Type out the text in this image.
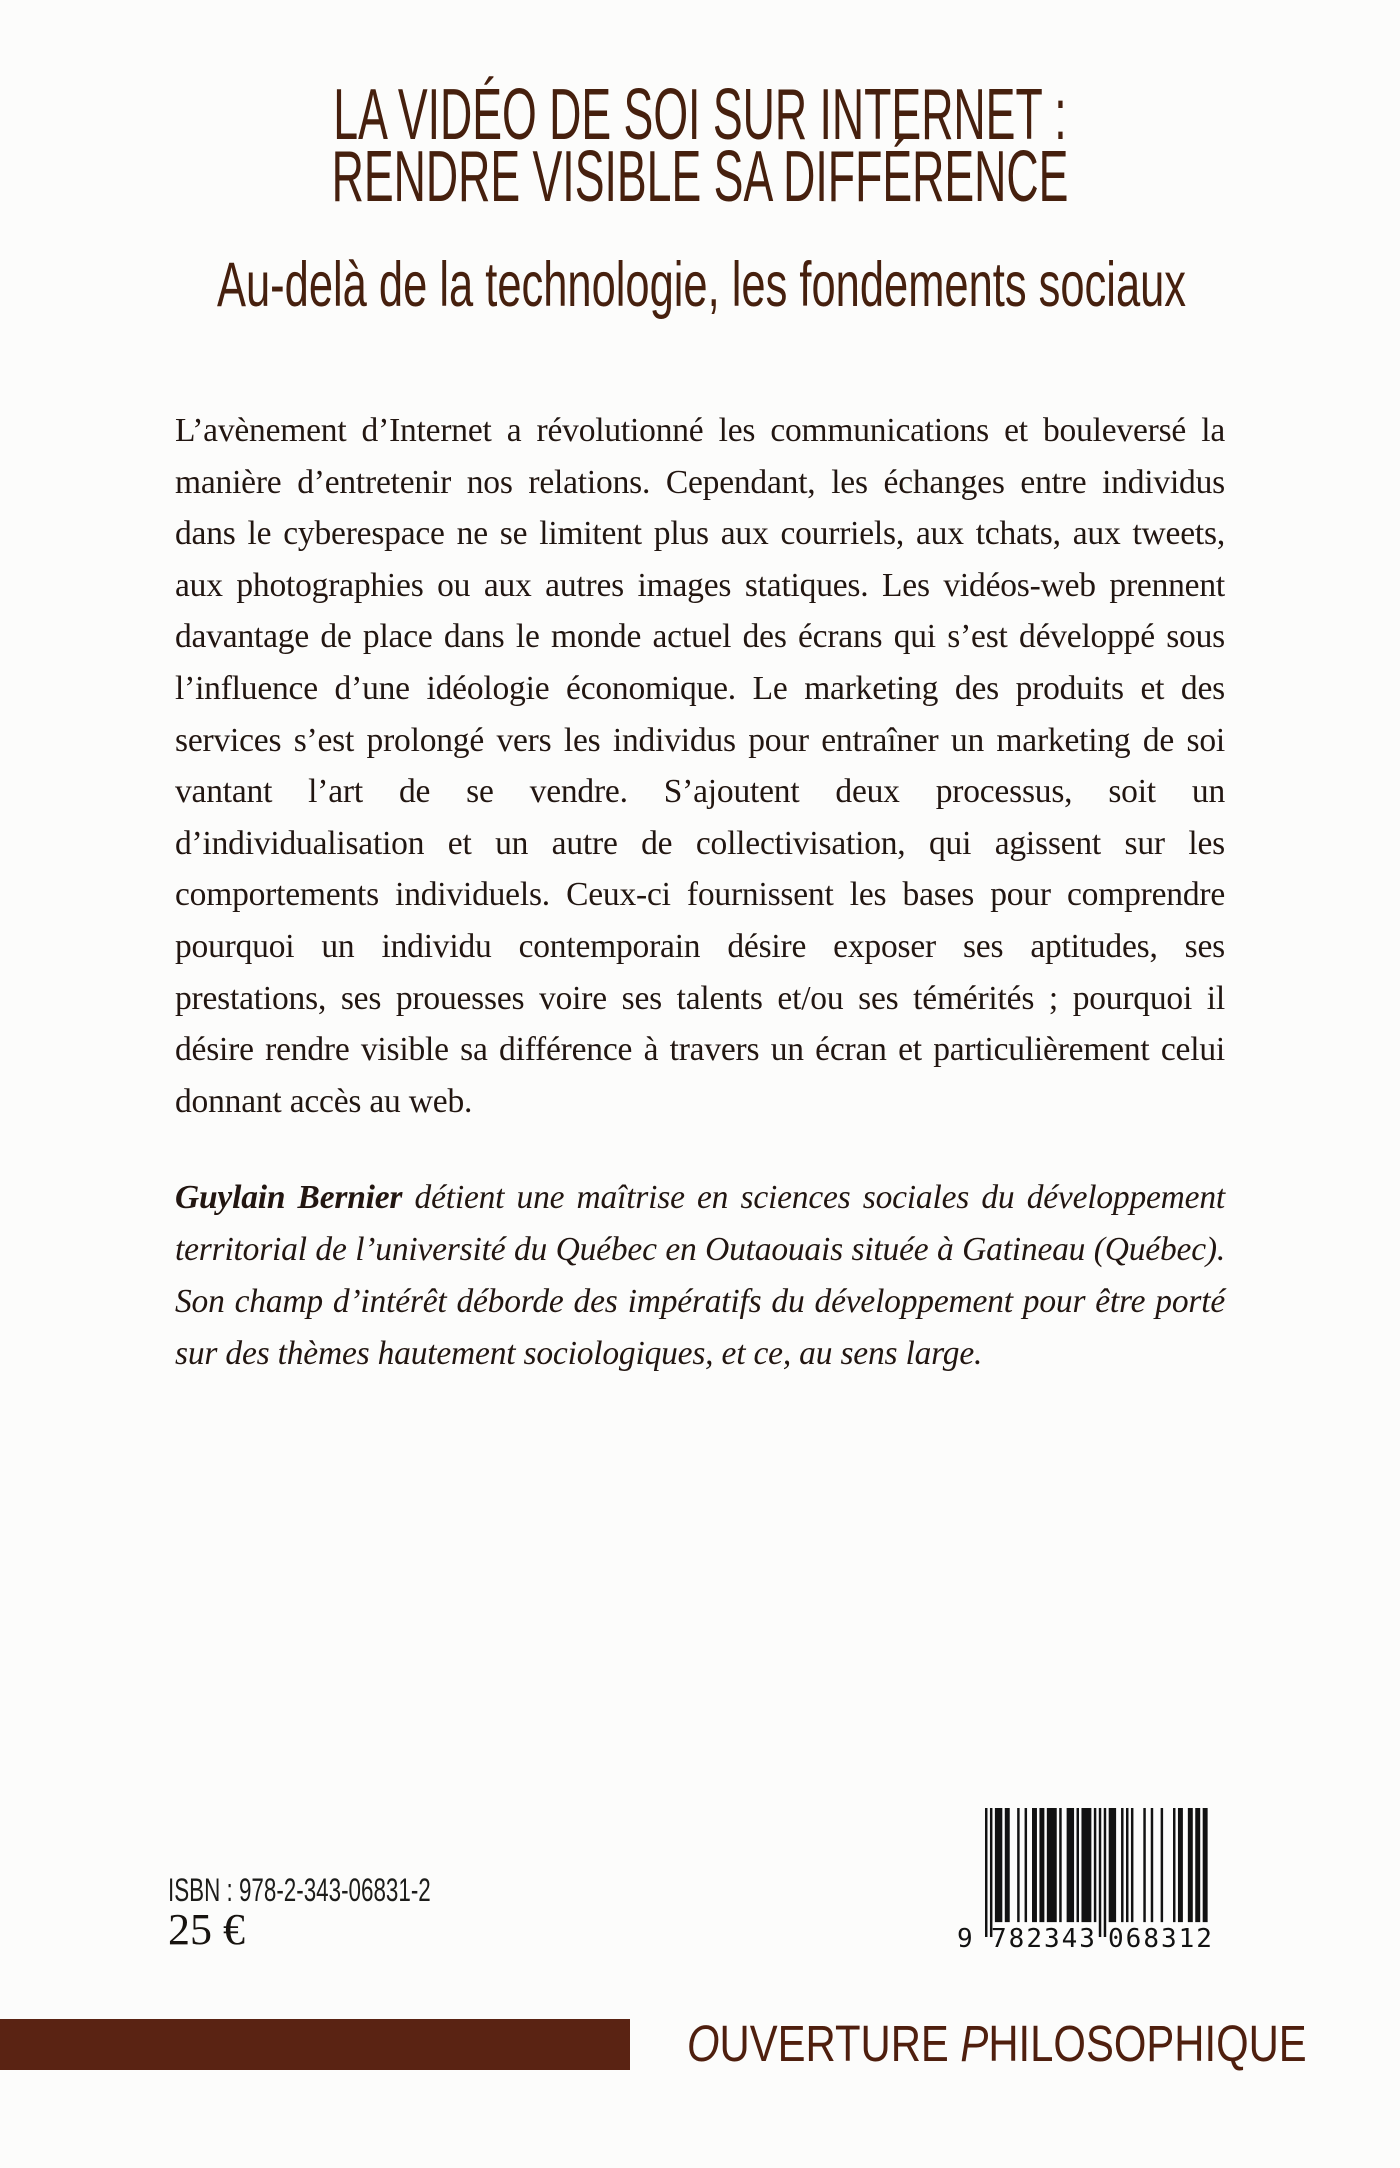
LA VIDÉO DE SOI SUR INTERNET :
RENDRE VISIBLE SA DIFFÉRENCE
Au-delà de la technologie, les fondements sociaux

L’avènement d’Internet a révolutionné les communications et bouleversé la manière d’entretenir nos relations. Cependant, les échanges entre individus dans le cyberespace ne se limitent plus aux courriels, aux tchats, aux tweets, aux photographies ou aux autres images statiques. Les vidéos-web prennent davantage de place dans le monde actuel des écrans qui s’est développé sous l’influence d’une idéologie économique. Le marketing des produits et des services s’est prolongé vers les individus pour entraîner un marketing de soi vantant l’art de se vendre. S’ajoutent deux processus, soit un d’individualisation et un autre de collectivisation, qui agissent sur les comportements individuels. Ceux-ci fournissent les bases pour comprendre pourquoi un individu contemporain désire exposer ses aptitudes, ses prestations, ses prouesses voire ses talents et/ou ses témérités ; pourquoi il désire rendre visible sa différence à travers un écran et particulièrement celui donnant accès au web.

Guylain Bernier détient une maîtrise en sciences sociales du développement territorial de l’université du Québec en Outaouais située à Gatineau (Québec). Son champ d’intérêt déborde des impératifs du développement pour être porté sur des thèmes hautement sociologiques, et ce, au sens large.

ISBN : 978-2-343-06831-2
25 €	9 782343 068312
OUVERTURE PHILOSOPHIQUE
